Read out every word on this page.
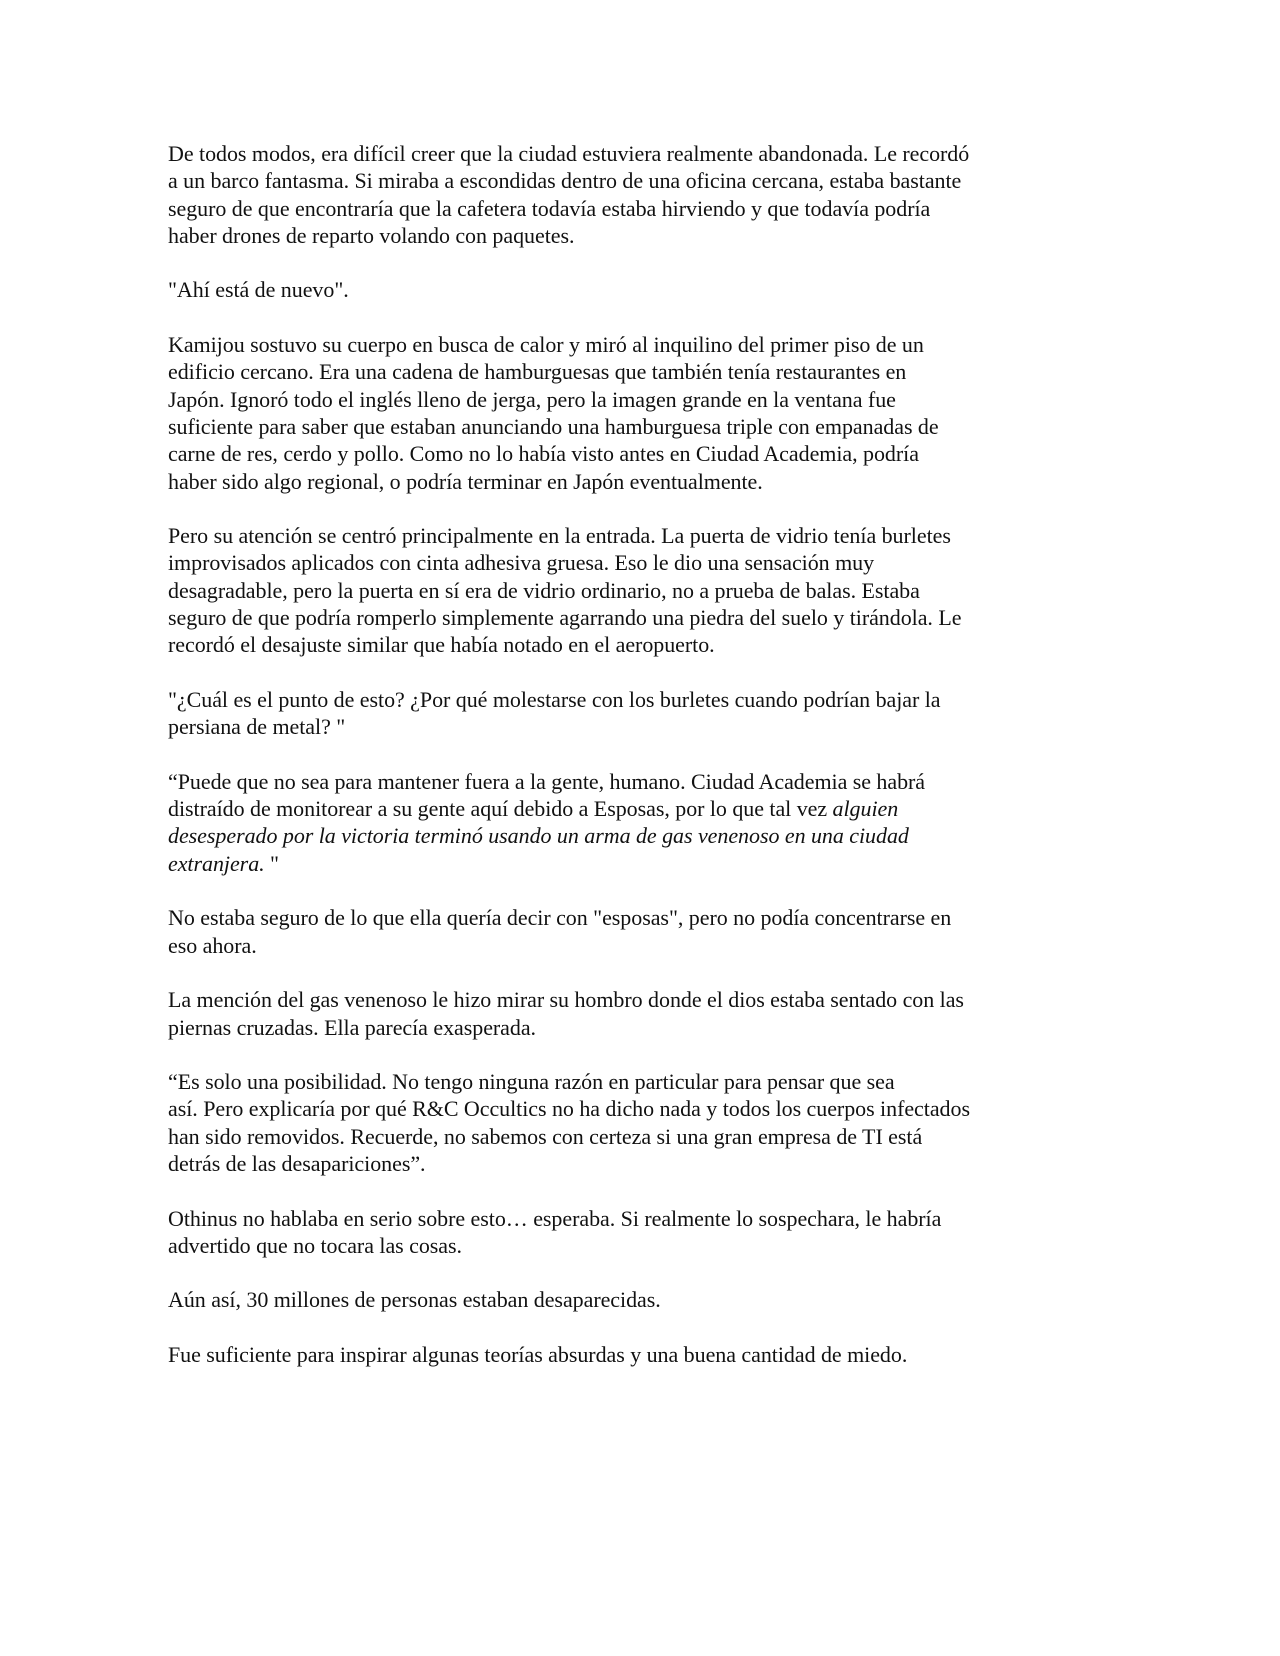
De todos modos, era difícil creer que la ciudad estuviera realmente abandonada. Le recordó
a un barco fantasma. Si miraba a escondidas dentro de una oficina cercana, estaba bastante
seguro de que encontraría que la cafetera todavía estaba hirviendo y que todavía podría
haber drones de reparto volando con paquetes.

"Ahí está de nuevo".

Kamijou sostuvo su cuerpo en busca de calor y miró al inquilino del primer piso de un
edificio cercano. Era una cadena de hamburguesas que también tenía restaurantes en
Japón. Ignoró todo el inglés lleno de jerga, pero la imagen grande en la ventana fue
suficiente para saber que estaban anunciando una hamburguesa triple con empanadas de
carne de res, cerdo y pollo. Como no lo había visto antes en Ciudad Academia, podría
haber sido algo regional, o podría terminar en Japón eventualmente.

Pero su atención se centró principalmente en la entrada. La puerta de vidrio tenía burletes
improvisados aplicados con cinta adhesiva gruesa. Eso le dio una sensación muy
desagradable, pero la puerta en sí era de vidrio ordinario, no a prueba de balas. Estaba
seguro de que podría romperlo simplemente agarrando una piedra del suelo y tirándola. Le
recordó el desajuste similar que había notado en el aeropuerto.

"¿Cuál es el punto de esto? ¿Por qué molestarse con los burletes cuando podrían bajar la
persiana de metal? "

“Puede que no sea para mantener fuera a la gente, humano. Ciudad Academia se habrá
distraído de monitorear a su gente aquí debido a Esposas, por lo que tal vez alguien
desesperado por la victoria terminó usando un arma de gas venenoso en una ciudad
extranjera. "

No estaba seguro de lo que ella quería decir con "esposas", pero no podía concentrarse en
eso ahora.

La mención del gas venenoso le hizo mirar su hombro donde el dios estaba sentado con las
piernas cruzadas. Ella parecía exasperada.

“Es solo una posibilidad. No tengo ninguna razón en particular para pensar que sea
así. Pero explicaría por qué R&C Occultics no ha dicho nada y todos los cuerpos infectados
han sido removidos. Recuerde, no sabemos con certeza si una gran empresa de TI está
detrás de las desapariciones”.

Othinus no hablaba en serio sobre esto… esperaba. Si realmente lo sospechara, le habría
advertido que no tocara las cosas.

Aún así, 30 millones de personas estaban desaparecidas.

Fue suficiente para inspirar algunas teorías absurdas y una buena cantidad de miedo.
